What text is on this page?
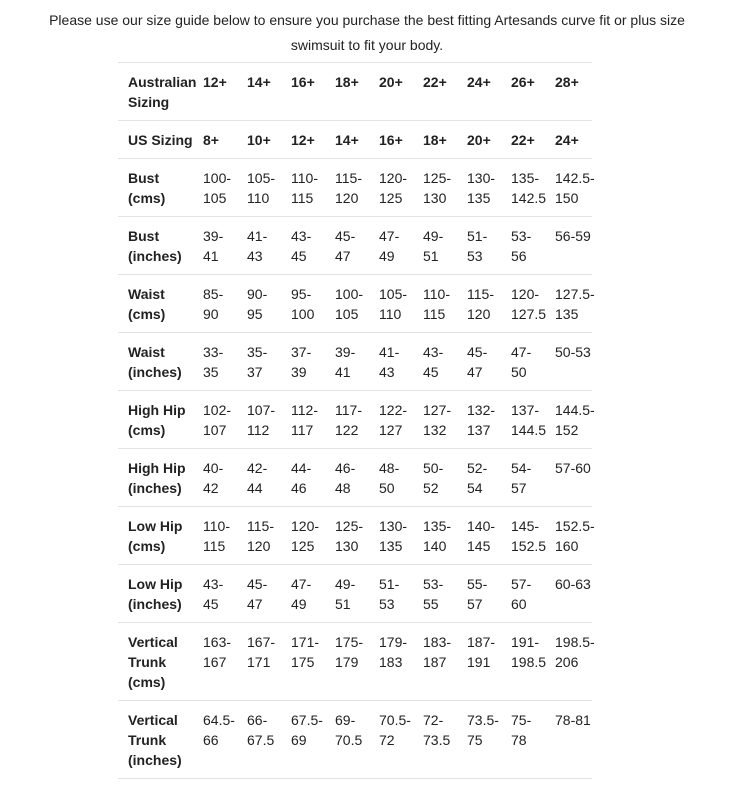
Please use our size guide below to ensure you purchase the best fitting Artesands curve fit or plus size
swimsuit to fit your body.

Australian Sizing	12+	14+	16+	18+	20+	22+	24+	26+	28+
US Sizing	8+	10+	12+	14+	16+	18+	20+	22+	24+
Bust (cms)	100-105	105-110	110-115	115-120	120-125	125-130	130-135	135-142.5	142.5-150
Bust (inches)	39-41	41-43	43-45	45-47	47-49	49-51	51-53	53-56	56-59
Waist (cms)	85-90	90-95	95-100	100-105	105-110	110-115	115-120	120-127.5	127.5-135
Waist (inches)	33-35	35-37	37-39	39-41	41-43	43-45	45-47	47-50	50-53
High Hip (cms)	102-107	107-112	112-117	117-122	122-127	127-132	132-137	137-144.5	144.5-152
High Hip (inches)	40-42	42-44	44-46	46-48	48-50	50-52	52-54	54-57	57-60
Low Hip (cms)	110-115	115-120	120-125	125-130	130-135	135-140	140-145	145-152.5	152.5-160
Low Hip (inches)	43-45	45-47	47-49	49-51	51-53	53-55	55-57	57-60	60-63
Vertical Trunk (cms)	163-167	167-171	171-175	175-179	179-183	183-187	187-191	191-198.5	198.5-206
Vertical Trunk (inches)	64.5-66	66-67.5	67.5-69	69-70.5	70.5-72	72-73.5	73.5-75	75-78	78-81
